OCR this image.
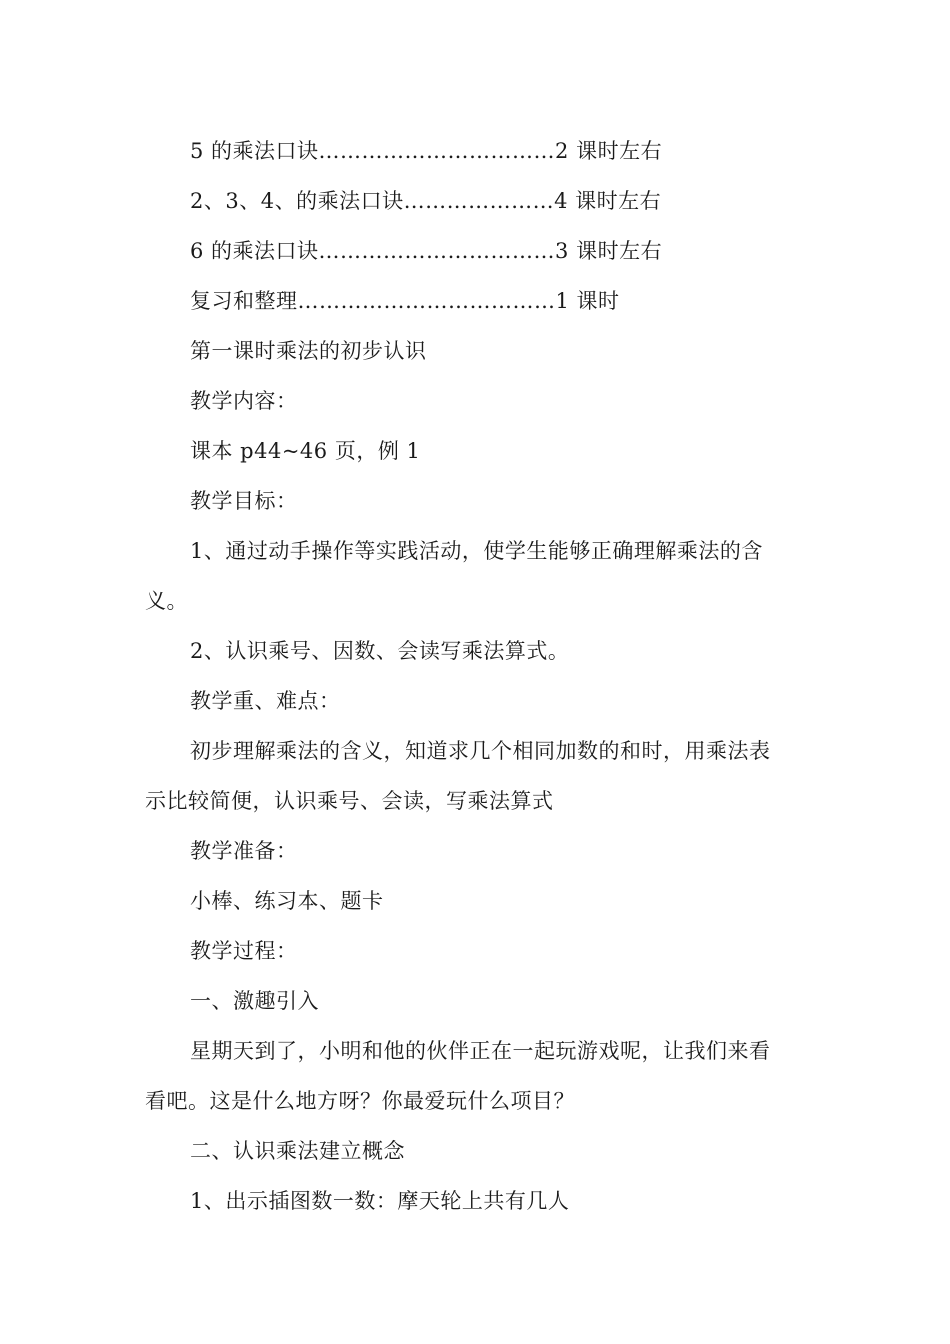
5 的乘法口诀……………………………2 课时左右
2、3、4、的乘法口诀…………………4 课时左右
6 的乘法口诀……………………………3 课时左右
复习和整理………………………………1 课时
第一课时乘法的初步认识
教学内容：
课本 p44~46 页，例 1
教学目标：
1、通过动手操作等实践活动，使学生能够正确理解乘法的含
义。
2、认识乘号、因数、会读写乘法算式。
教学重、难点：
初步理解乘法的含义，知道求几个相同加数的和时，用乘法表
示比较简便，认识乘号、会读，写乘法算式
教学准备：
小棒、练习本、题卡
教学过程：
一、激趣引入
星期天到了，小明和他的伙伴正在一起玩游戏呢，让我们来看
看吧。这是什么地方呀？你最爱玩什么项目？
二、认识乘法建立概念
1、出示插图数一数：摩天轮上共有几人
